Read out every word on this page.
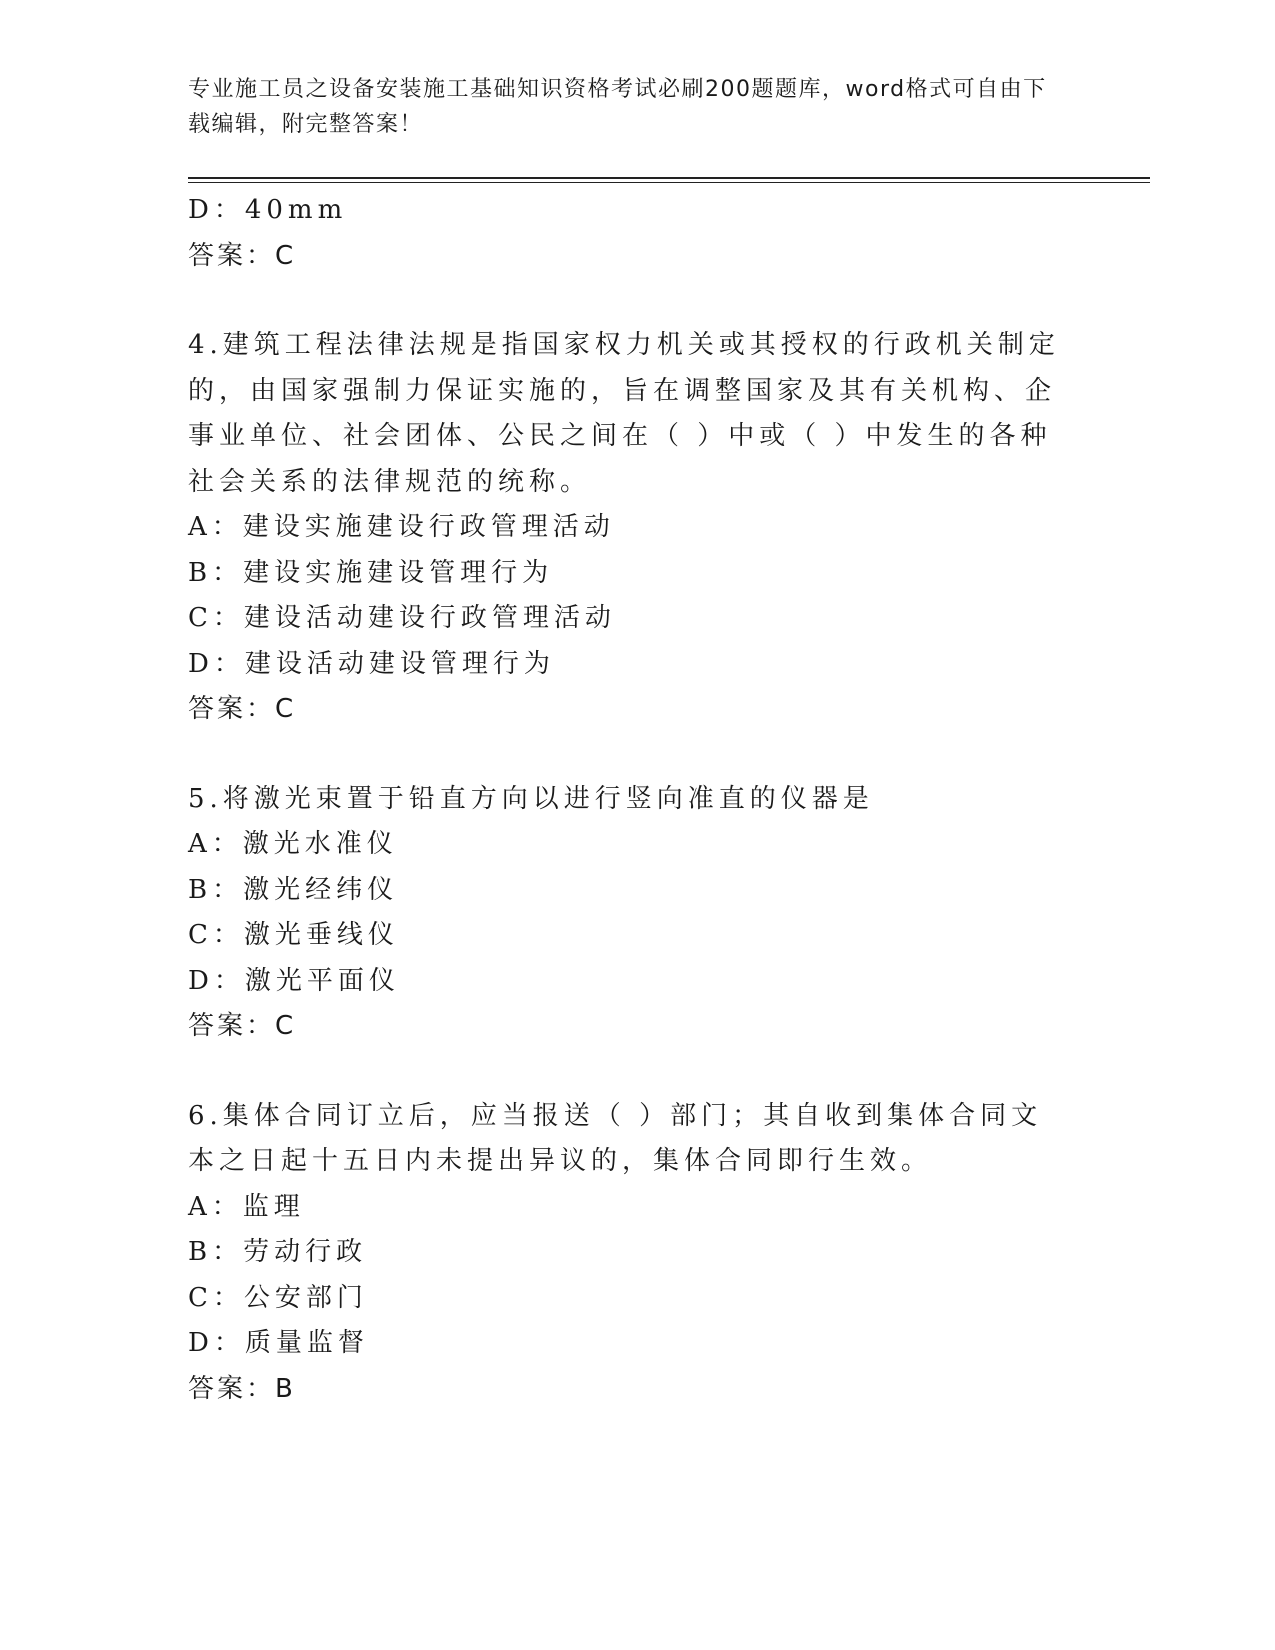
专业施工员之设备安装施工基础知识资格考试必刷200题题库，word格式可自由下载编辑，附完整答案！

D：40mm

答案：C

4.建筑工程法律法规是指国家权力机关或其授权的行政机关制定的，由国家强制力保证实施的，旨在调整国家及其有关机构、企事业单位、社会团体、公民之间在（ ）中或（ ）中发生的各种社会关系的法律规范的统称。

A：建设实施建设行政管理活动

B：建设实施建设管理行为

C：建设活动建设行政管理活动

D：建设活动建设管理行为

答案：C

5.将激光束置于铅直方向以进行竖向准直的仪器是

A：激光水准仪

B：激光经纬仪

C：激光垂线仪

D：激光平面仪

答案：C

6.集体合同订立后，应当报送（ ）部门；其自收到集体合同文本之日起十五日内未提出异议的，集体合同即行生效。

A：监理

B：劳动行政

C：公安部门

D：质量监督

答案：B
